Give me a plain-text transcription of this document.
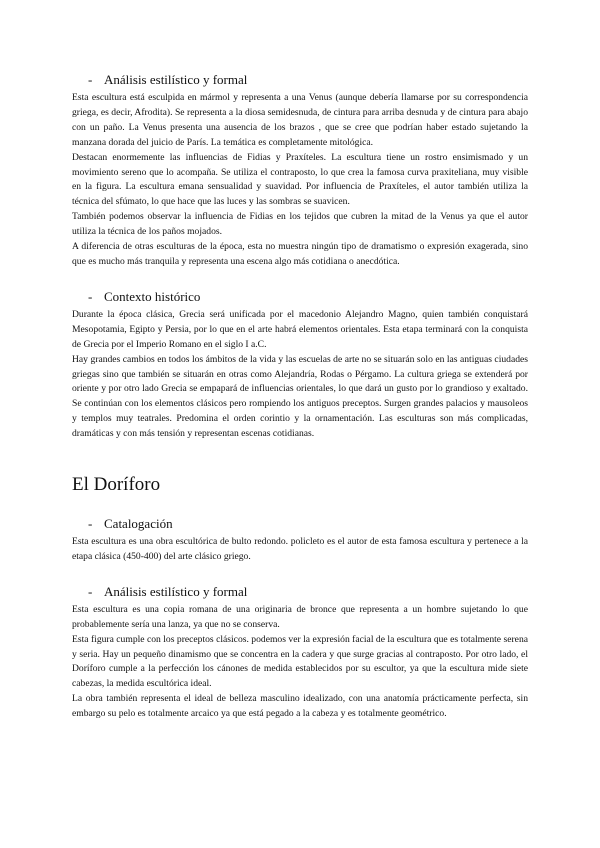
- Análisis estilístico y formal

Esta escultura está esculpida en mármol y representa a una Venus (aunque debería llamarse por su correspondencia griega, es decir, Afrodita). Se representa a la diosa semidesnuda, de cintura para arriba desnuda y de cintura para abajo con un paño. La Venus presenta una ausencia de los brazos , que se cree que podrían haber estado sujetando la manzana dorada del juicio de París. La temática es completamente mitológica.

Destacan enormemente las influencias de Fidias y Praxíteles. La escultura tiene un rostro ensimismado y un movimiento sereno que lo acompaña. Se utiliza el contraposto, lo que crea la famosa curva praxiteliana, muy visible en la figura. La escultura emana sensualidad y suavidad. Por influencia de Praxíteles, el autor también utiliza la técnica del sfúmato, lo que hace que las luces y las sombras se suavicen.

También podemos observar la influencia de Fidias en los tejidos que cubren la mitad de la Venus ya que el autor utiliza la técnica de los paños mojados.

A diferencia de otras esculturas de la época, esta no muestra ningún tipo de dramatismo o expresión exagerada, sino que es mucho más tranquila y representa una escena algo más cotidiana o anecdótica.

- Contexto histórico

Durante la época clásica, Grecia será unificada por el macedonio Alejandro Magno, quien también conquistará Mesopotamia, Egipto y Persia, por lo que en el arte habrá elementos orientales. Esta etapa terminará con la conquista de Grecia por el Imperio Romano en el siglo I a.C.

Hay grandes cambios en todos los ámbitos de la vida y las escuelas de arte no se situarán solo en las antiguas ciudades griegas sino que también se situarán en otras como Alejandría, Rodas o Pérgamo. La cultura griega se extenderá por oriente y por otro lado Grecia se empapará de influencias orientales, lo que dará un gusto por lo grandioso y exaltado. Se continúan con los elementos clásicos pero rompiendo los antiguos preceptos. Surgen grandes palacios y mausoleos y templos muy teatrales. Predomina el orden corintio y la ornamentación. Las esculturas son más complicadas, dramáticas y con más tensión y representan escenas cotidianas.

El Doríforo
- Catalogación

Esta escultura es una obra escultórica de bulto redondo. policleto es el autor de esta famosa escultura y pertenece a la etapa clásica (450-400) del arte clásico griego.

- Análisis estilístico y formal

Esta escultura es una copia romana de una originaria de bronce que representa a un hombre sujetando lo que probablemente sería una lanza, ya que no se conserva.

Esta figura cumple con los preceptos clásicos. podemos ver la expresión facial de la escultura que es totalmente serena y seria. Hay un pequeño dinamismo que se concentra en la cadera y que surge gracias al contraposto. Por otro lado, el Doríforo cumple a la perfección los cánones de medida establecidos por su escultor, ya que la escultura mide siete cabezas, la medida escultórica ideal.

La obra también representa el ideal de belleza masculino idealizado, con una anatomía prácticamente perfecta, sin embargo su pelo es totalmente arcaico ya que está pegado a la cabeza y es totalmente geométrico.
